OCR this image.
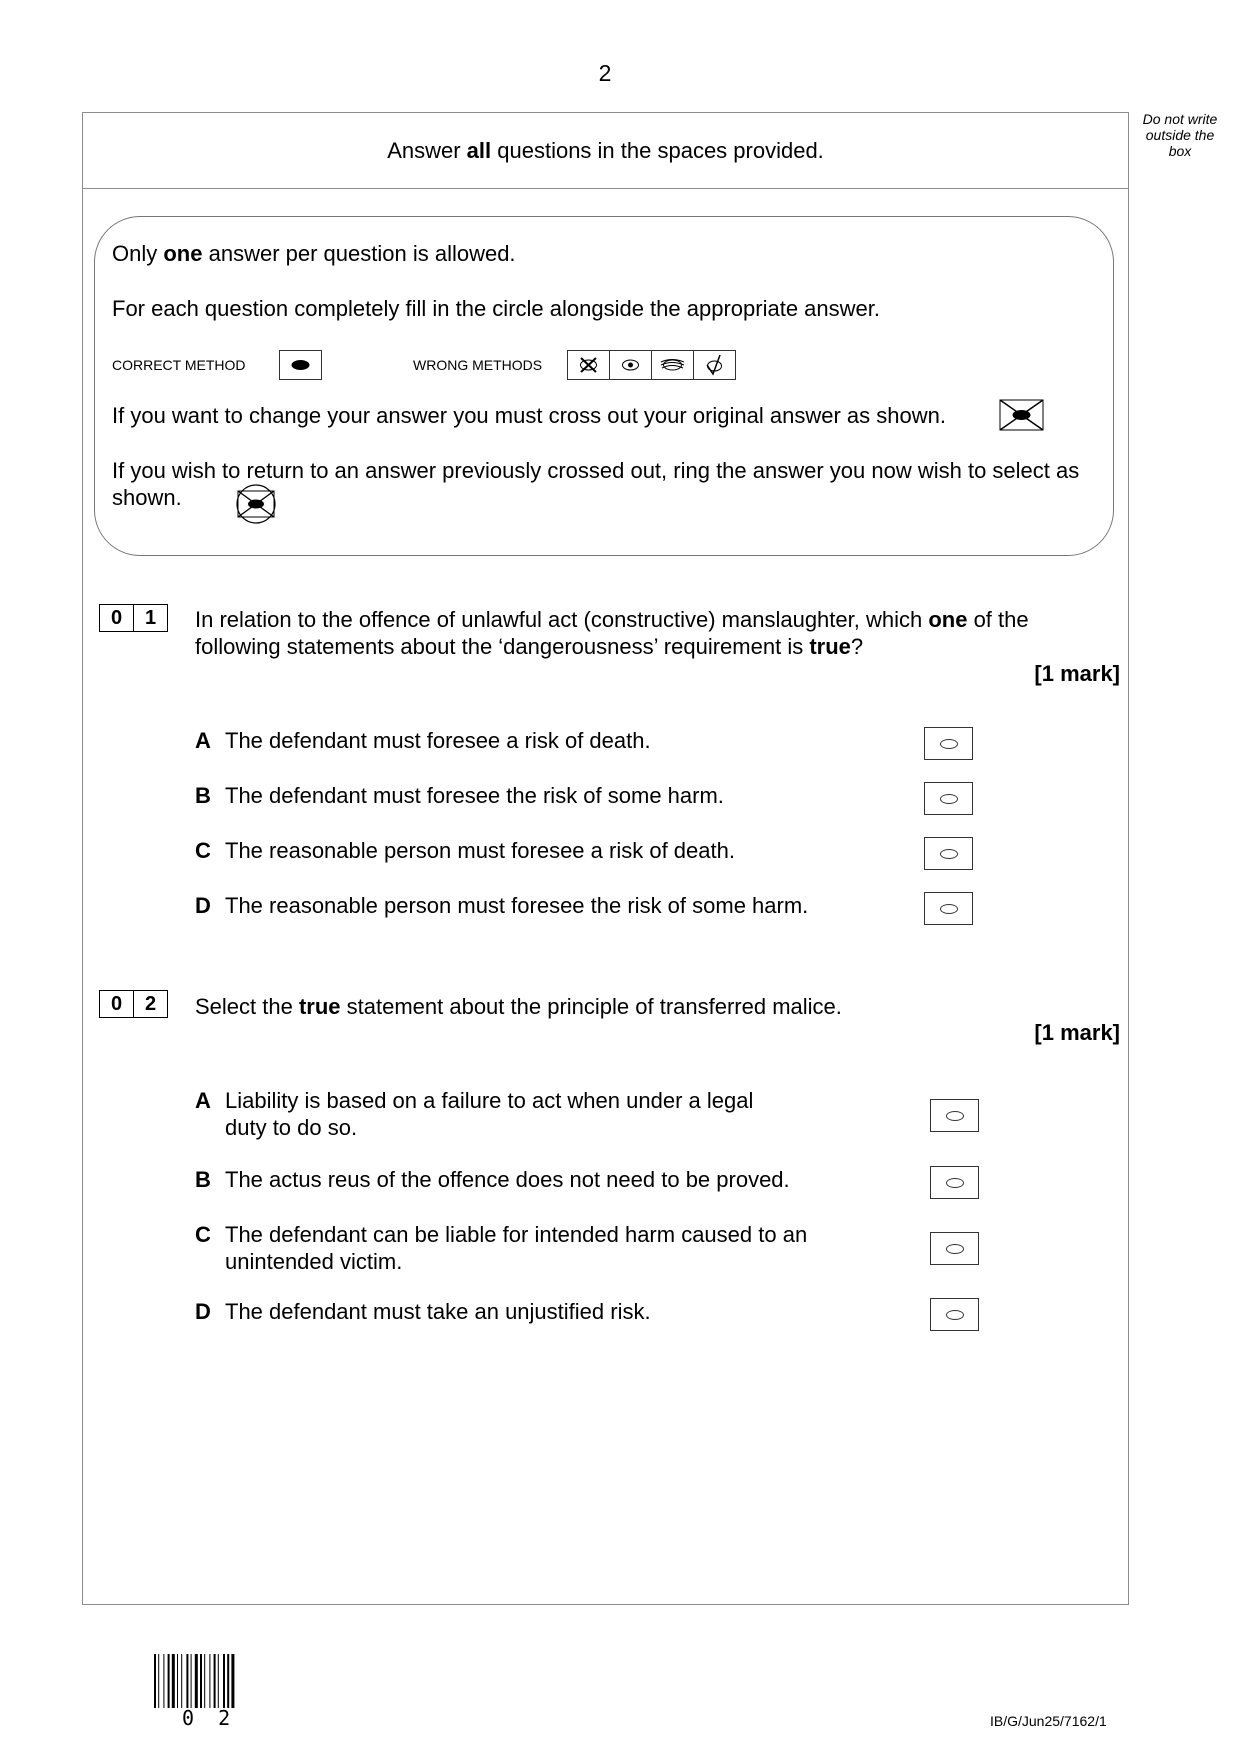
2
Do not write
outside the
box
Answer all questions in the spaces provided.
Only one answer per question is allowed.
For each question completely fill in the circle alongside the appropriate answer.
CORRECT METHOD	WRONG METHODS
If you want to change your answer you must cross out your original answer as shown.
If you wish to return to an answer previously crossed out, ring the answer you now wish to select as shown.
0	1	In relation to the offence of unlawful act (constructive) manslaughter, which one of the following statements about the ‘dangerousness’ requirement is true?
[1 mark]
A The defendant must foresee a risk of death.
B The defendant must foresee the risk of some harm.
C The reasonable person must foresee a risk of death.
D The reasonable person must foresee the risk of some harm.
0	2	Select the true statement about the principle of transferred malice.
[1 mark]
A Liability is based on a failure to act when under a legal duty to do so.
B The actus reus of the offence does not need to be proved.
C The defendant can be liable for intended harm caused to an unintended victim.
D The defendant must take an unjustified risk.
0 2	IB/G/Jun25/7162/1
